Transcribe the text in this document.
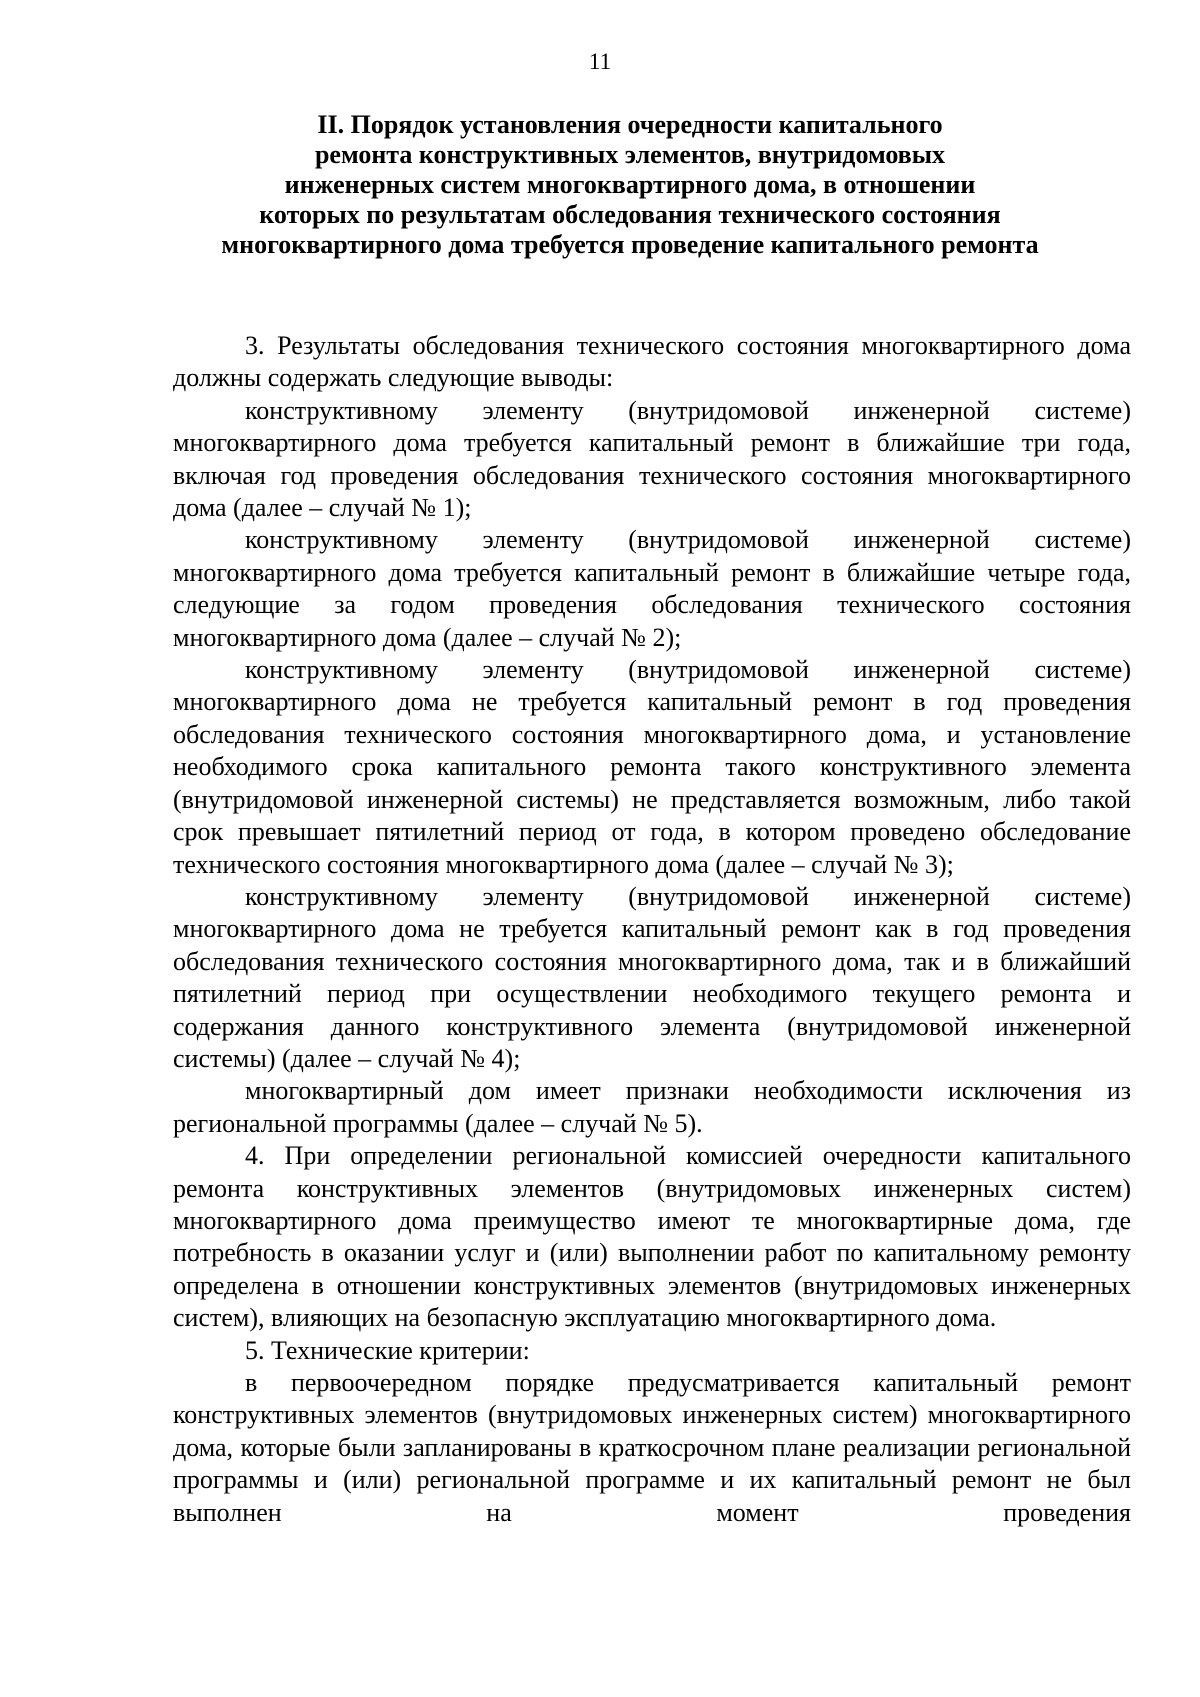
11
II. Порядок установления очередности капитального
ремонта конструктивных элементов, внутридомовых
инженерных систем многоквартирного дома, в отношении
которых по результатам обследования технического состояния
многоквартирного дома требуется проведение капитального ремонта

3. Результаты обследования технического состояния многоквартирного дома должны содержать следующие выводы:

конструктивному элементу (внутридомовой инженерной системе) многоквартирного дома требуется капитальный ремонт в ближайшие три года, включая год проведения обследования технического состояния многоквартирного дома (далее – случай № 1);

конструктивному элементу (внутридомовой инженерной системе) многоквартирного дома требуется капитальный ремонт в ближайшие четыре года, следующие за годом проведения обследования технического состояния многоквартирного дома (далее – случай № 2);

конструктивному элементу (внутридомовой инженерной системе) многоквартирного дома не требуется капитальный ремонт в год проведения обследования технического состояния многоквартирного дома, и установление необходимого срока капитального ремонта такого конструктивного элемента (внутридомовой инженерной системы) не представляется возможным, либо такой срок превышает пятилетний период от года, в котором проведено обследование технического состояния многоквартирного дома (далее – случай № 3);

конструктивному элементу (внутридомовой инженерной системе) многоквартирного дома не требуется капитальный ремонт как в год проведения обследования технического состояния многоквартирного дома, так и в ближайший пятилетний период при осуществлении необходимого текущего ремонта и содержания данного конструктивного элемента (внутридомовой инженерной системы) (далее – случай № 4);

многоквартирный дом имеет признаки необходимости исключения из региональной программы (далее – случай № 5).

4. При определении региональной комиссией очередности капитального ремонта конструктивных элементов (внутридомовых инженерных систем) многоквартирного дома преимущество имеют те многоквартирные дома, где потребность в оказании услуг и (или) выполнении работ по капитальному ремонту определена в отношении конструктивных элементов (внутридомовых инженерных систем), влияющих на безопасную эксплуатацию многоквартирного дома.

5. Технические критерии:

в первоочередном порядке предусматривается капитальный ремонт конструктивных элементов (внутридомовых инженерных систем) многоквартирного дома, которые были запланированы в краткосрочном плане реализации региональной программы и (или) региональной программе и их капитальный ремонт не был выполнен на момент проведения
